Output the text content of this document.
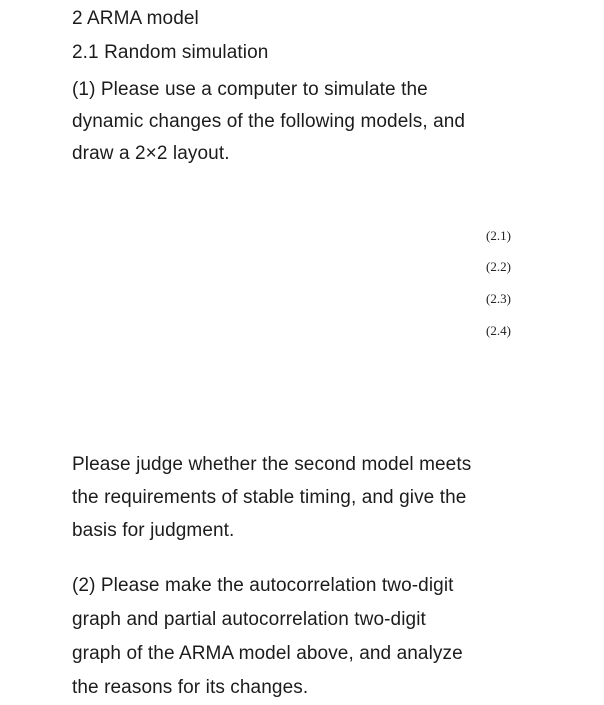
2 ARMA model
2.1 Random simulation
(1) Please use a computer to simulate the
dynamic changes of the following models, and
draw a 2×2 layout.
(2.1)
(2.2)
(2.3)
(2.4)
Please judge whether the second model meets
the requirements of stable timing, and give the
basis for judgment.
(2) Please make the autocorrelation two-digit
graph and partial autocorrelation two-digit
graph of the ARMA model above, and analyze
the reasons for its changes.
